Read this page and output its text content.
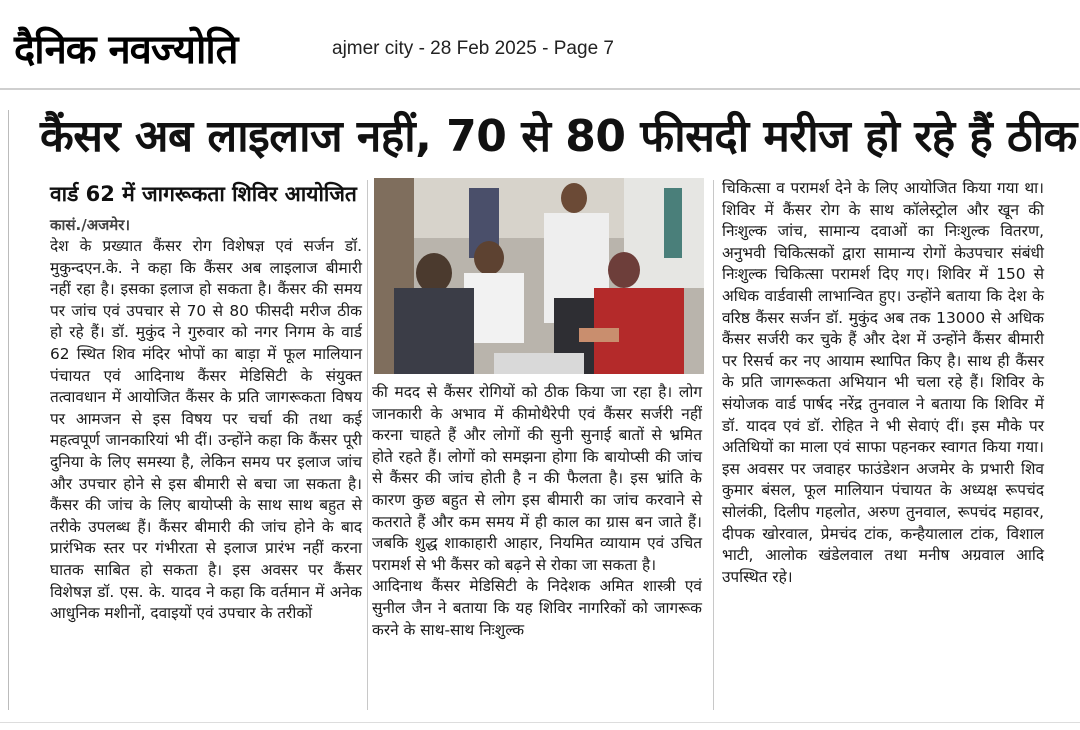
दैनिक नवज्योति	ajmer city - 28 Feb 2025 - Page 7
कैंसर अब लाइलाज नहीं, 70 से 80 फीसदी मरीज हो रहे हैं ठीक
वार्ड 62 में जागरूकता शिविर आयोजित
कासं./अजमेर।

देश के प्रख्यात कैंसर रोग विशेषज्ञ एवं सर्जन डॉ. मुकुन्दएन.के. ने कहा कि कैंसर अब लाइलाज बीमारी नहीं रहा है। इसका इलाज हो सकता है। कैंसर की समय पर जांच एवं उपचार से 70 से 80 फीसदी मरीज ठीक हो रहे हैं। डॉ. मुकुंद ने गुरुवार को नगर निगम के वार्ड 62 स्थित शिव मंदिर भोपों का बाड़ा में फूल मालियान पंचायत एवं आदिनाथ कैंसर मेडिसिटी के संयुक्त तत्वावधान में आयोजित कैंसर के प्रति जागरूकता विषय पर आमजन से इस विषय पर चर्चा की तथा कई महत्वपूर्ण जानकारियां भी दीं। उन्होंने कहा कि कैंसर पूरी दुनिया के लिए समस्या है, लेकिन समय पर इलाज जांच और उपचार होने से इस बीमारी से बचा जा सकता है। कैंसर की जांच के लिए बायोप्सी के साथ साथ बहुत से तरीके उपलब्ध हैं। कैंसर बीमारी की जांच होने के बाद प्रारंभिक स्तर पर गंभीरता से इलाज प्रारंभ नहीं करना घातक साबित हो सकता है। इस अवसर पर कैंसर विशेषज्ञ डॉ. एस. के. यादव ने कहा कि वर्तमान में अनेक आधुनिक मशीनों, दवाइयों एवं उपचार के तरीकों

की मदद से कैंसर रोगियों को ठीक किया जा रहा है। लोग जानकारी के अभाव में कीमोथैरेपी एवं कैंसर सर्जरी नहीं करना चाहते हैं और लोगों की सुनी सुनाई बातों से भ्रमित होते रहते हैं। लोगों को समझना होगा कि बायोप्सी की जांच से कैंसर की जांच होती है न की फैलता है। इस भ्रांति के कारण कुछ बहुत से लोग इस बीमारी का जांच करवाने से कतराते हैं और कम समय में ही काल का ग्रास बन जाते हैं। जबकि शुद्ध शाकाहारी आहार, नियमित व्यायाम एवं उचित परामर्श से भी कैंसर को बढ़ने से रोका जा सकता है।

आदिनाथ कैंसर मेडिसिटी के निदेशक अमित शास्त्री एवं सुनील जैन ने बताया कि यह शिविर नागरिकों को जागरूक करने के साथ-साथ निःशुल्क

चिकित्सा व परामर्श देने के लिए आयोजित किया गया था। शिविर में कैंसर रोग के साथ कॉलेस्ट्रोल और खून की निःशुल्क जांच, सामान्य दवाओं का निःशुल्क वितरण, अनुभवी चिकित्सकों द्वारा सामान्य रोगों केउपचार संबंधी निःशुल्क चिकित्सा परामर्श दिए गए। शिविर में 150 से अधिक वार्डवासी लाभान्वित हुए। उन्होंने बताया कि देश के वरिष्ठ कैंसर सर्जन डॉ. मुकुंद अब तक 13000 से अधिक कैंसर सर्जरी कर चुके हैं और देश में उन्होंने कैंसर बीमारी पर रिसर्च कर नए आयाम स्थापित किए है। साथ ही कैंसर के प्रति जागरूकता अभियान भी चला रहे हैं। शिविर के संयोजक वार्ड पार्षद नरेंद्र तुनवाल ने बताया कि शिविर में डॉ. यादव एवं डॉ. रोहित ने भी सेवाएं दीं। इस मौके पर अतिथियों का माला एवं साफा पहनकर स्वागत किया गया। इस अवसर पर जवाहर फाउंडेशन अजमेर के प्रभारी शिव कुमार बंसल, फूल मालियान पंचायत के अध्यक्ष रूपचंद सोलंकी, दिलीप गहलोत, अरुण तुनवाल, रूपचंद महावर, दीपक खोरवाल, प्रेमचंद टांक, कन्हैयालाल टांक, विशाल भाटी, आलोक खंडेलवाल तथा मनीष अग्रवाल आदि उपस्थित रहे।
